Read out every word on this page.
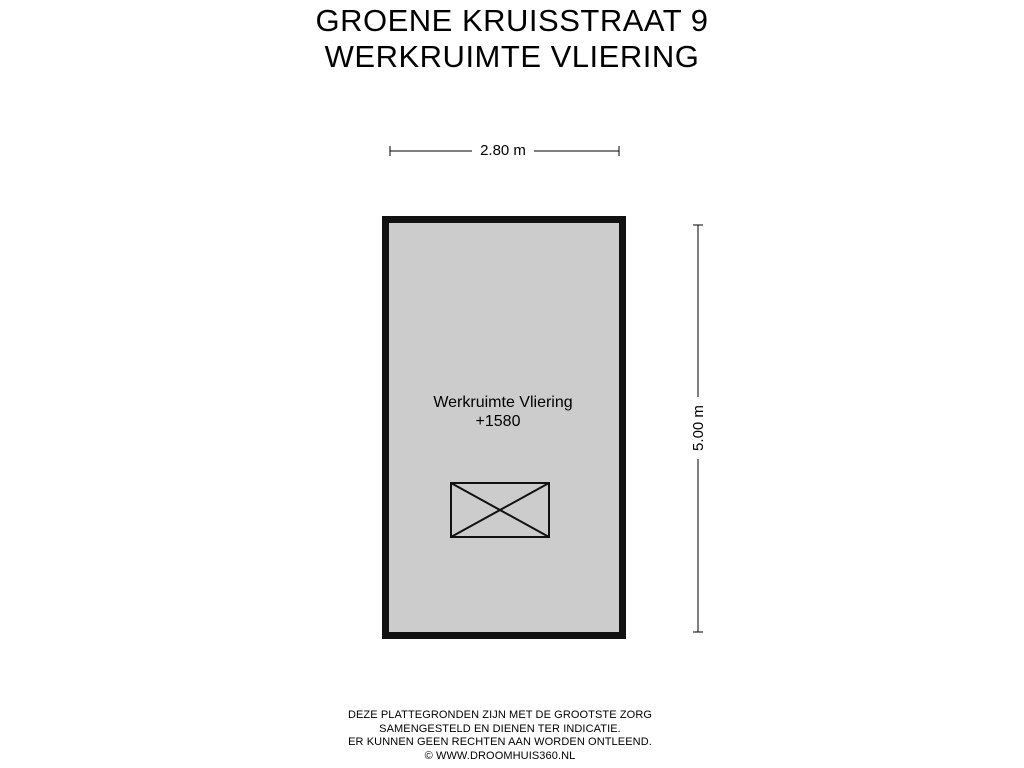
GROENE KRUISSTRAAT 9
WERKRUIMTE VLIERING
2.80 m
5.00 m
Werkruimte Vliering
+1580
DEZE PLATTEGRONDEN ZIJN MET DE GROOTSTE ZORG
SAMENGESTELD EN DIENEN TER INDICATIE.
ER KUNNEN GEEN RECHTEN AAN WORDEN ONTLEEND.
© WWW.DROOMHUIS360.NL
